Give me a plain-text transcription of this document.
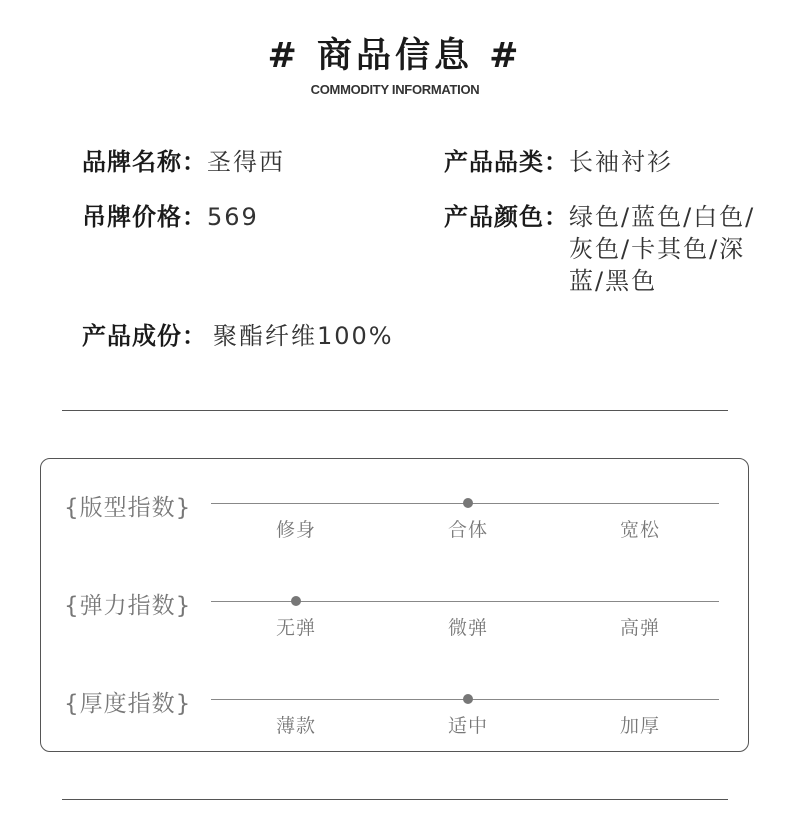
# 商品信息 #
COMMODITY INFORMATION
品牌名称：圣得西	产品品类：长袖衬衫
吊牌价格：569	产品颜色： 绿色/蓝色/白色/灰色/卡其色/深蓝/黑色
产品成份： 聚酯纤维100%
{版型指数}
修身	合体	宽松
{弹力指数}
无弹	微弹	高弹
{厚度指数}
薄款	适中	加厚
